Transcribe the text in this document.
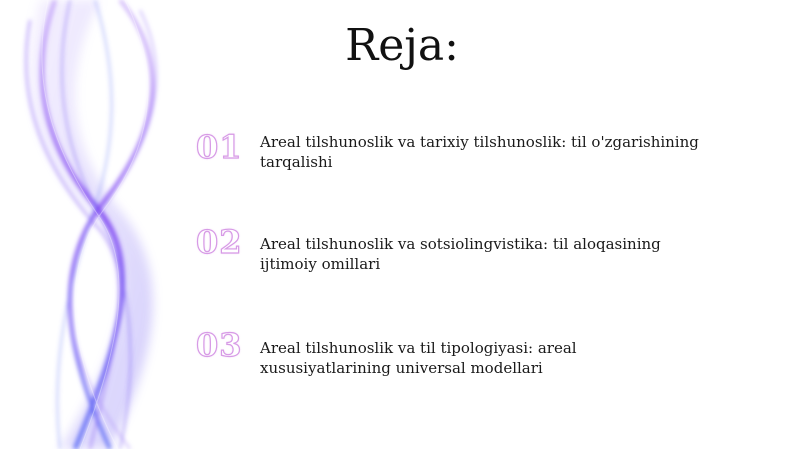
Reja:
01	Areal tilshunoslik va tarixiy tilshunoslik: til o'zgarishining tarqalishi
02	Areal tilshunoslik va sotsiolingvistika: til aloqasining ijtimoiy omillari
03	Areal tilshunoslik va til tipologiyasi: areal xususiyatlarining universal modellari
